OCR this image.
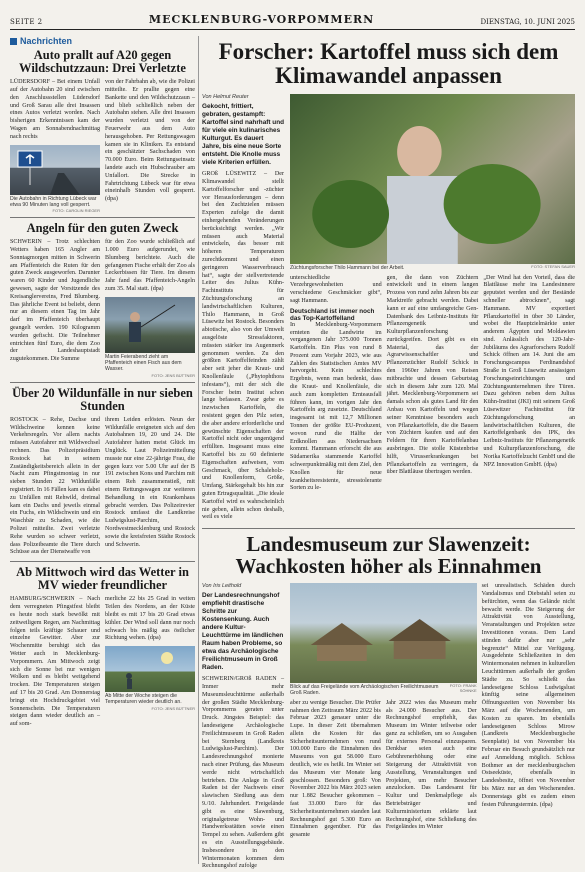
SEITE 2	MECKLENBURG-VORPOMMERN	DIENSTAG, 10. JUNI 2025
Nachrichten
Auto prallt auf A20 gegen Wildschutzzaun: Drei Verletzte

LÜDERSDORF – Bei einem Unfall auf der Autobahn 20 sind zwischen den Anschlussstellen Lüdersdorf und Groß Sarau alle drei Insassen eines Autos verletzt worden. Nach bisherigen Erkenntnissen kam der Wagen am Sonnabendnachmittag nach rechts

Die Autobahn in Richtung Lübeck war etwa 90 Minuten lang voll gesperrt.

FOTO: CAROLIN RIEGER

von der Fahrbahn ab, wie die Polizei mitteilte. Er prallte gegen eine Bankette und den Wildschutzzaun – und blieb schließlich neben der Autobahn stehen. Alle drei Insassen wurden verletzt und von der Feuerwehr aus dem Auto herausgehoben. Per Rettungswagen kamen sie in Kliniken. Es entstand ein geschätzter Sachschaden von 70.000 Euro. Beim Rettungseinsatz landete auch ein Hubschrauber am Unfallort. Die Strecke in Fahrtrichtung Lübeck war für etwa eineinhalb Stunden voll gesperrt. (dpa)

Angeln für den guten Zweck

SCHWERIN – Trotz schlechten Wetters haben 165 Angler am Sonntagmorgen mitten in Schwerin am Pfaffenteich die Ruten für den guten Zweck ausgeworfen. Darunter waren 60 Kinder und Jugendliche gewesen, sagte der Vorsitzende des Kreisanglervereins, Fred Blumberg. Das jährliche Event ist beliebt, denn nur an diesem einen Tag im Jahr darf im Pfaffenteich überhaupt geangelt werden. 190 Kilogramm wurden gefischt. Die Teilnehmer entrichten fünf Euro, die dem Zoo der Landeshauptstadt zugutekommen. Die Summe

für den Zoo wurde schließlich auf 1.000 Euro aufgerundet, wie Blumberg berichtete. Auch die gefangenen Fische erhält der Zoo als Leckerbissen für Tiere. Im diesem Jahr fand das Pfaffenteich-Angeln zum 35. Mal statt. (dpa)

Martin Feierabend zieht am Pfaffenteich einen Fisch aus dem Wasser.

FOTO: JENS BÜTTNER

Über 20 Wildunfälle in nur sieben Stunden

ROSTOCK – Rehe, Dachse und Wildschweine kennen keine Verkehrsregeln. Vor allem nachts müssen Autofahrer mit Wildwechsel rechnen. Das Polizeipräsidium Rostock hat in seinem Zuständigkeitsbereich allein in der Nacht zum Pfingstmontag in nur sieben Stunden 22 Wildunfälle registriert. In 16 Fällen kam es dabei zu Unfällen mit Rehwild, dreimal kam ein Dachs und jeweils einmal ein Fuchs, ein Wildschwein und ein Waschbär zu Schaden, wie die Polizei mitteilte. Zwei verletzte Rehe wurden so schwer verletzt, dass Polizeibeamte die Tiere durch Schüsse aus der Dienstwaffe von

ihrem Leiden erlösten. Neun der Wildunfälle ereigneten sich auf den Autobahnen 19, 20 und 24. Die Autofahrer hatten meist Glück im Unglück. Laut Polizeimitteilung musste nur eine 22-jährige Frau, die gegen kurz vor 5.00 Uhr auf der B 191 zwischen Kons und Parchim mit einem Reh zusammenstieß, mit einem Rettungswagen zur weiteren Behandlung in ein Krankenhaus gebracht werden. Das Polizeirevier Rostock umfasst die Landkreise Ludwigslust-Parchim, Nordwestmecklenburg und Rostock sowie die kreisfreien Städte Rostock und Schwerin.

Ab Mittwoch wird das Wetter in MV wieder freundlicher

HAMBURG/SCHWERIN – Nach dem verregneten Pfingstfest bleibt es heute noch stark bewölkt mit zeitweiligem Regen, am Nachmittag folgen teils kräftige Schauer und einzelne Gewitter. Aber zur Wochenmitte beruhigt sich das Wetter auch in Mecklenburg-Vorpommern. Am Mittwoch zeigt sich die Sonne bei nur wenigen Wolken und es bleibt weitgehend trocken. Die Temperaturen steigen auf 17 bis 20 Grad. Am Donnerstag bringt ein Hochdruckgebiet viel Sonnenschein. Die Temperaturen steigen dann wieder deutlich an – auf som-

merliche 22 bis 25 Grad in weiten Teilen des Nordens, an der Küste bleibt es mit 17 bis 20 Grad etwas kühler. Der Wind soll dann nur noch schwach bis mäßig aus östlicher Richtung wehen. (dpa)

Ab Mitte der Woche steigen die Temperaturen wieder deutlich an.

FOTO: JENS BÜTTNER

Forscher: Kartoffel muss sich dem Klimawandel anpassen

Von Helmut Reuter

Gekocht, frittiert, gebraten, gestampft: Kartoffel sind nahrhaft und für viele ein kulinarisches Kulturgut. Es dauert Jahre, bis eine neue Sorte entsteht. Die Knolle muss viele Kriterien erfüllen.

GROß LÜSEWITZ – Der Klimawandel stellt Kartoffelforscher und -züchter vor Herausforderungen – denn bei den Zuchtzielen müssen Experten zufolge die damit einhergehenden Veränderungen berücksichtigt werden. „Wir müssen auch Material entwickeln, das besser mit höheren Temperaturen zurechtkommt und einen geringeren Wasserverbrauch hat“, sagte der stellvertretende Leiter des Julius Kühn-Fachinstituts für Züchtungsforschung an landwirtschaftlichen Kulturen, Thilo Hammann, in Groß Lüsewitz bei Rostock. Besonders abiotische, also von der Umwelt ausgelöste Stressfaktoren, müssten stärker ins Augenmerk genommen werden. Zu den größten Kartoffelfeinden zählt aber seit jeher die Kraut- und Knollenfäule („Phytophthora infestans“), mit der sich die Forscher beim Institut schon lange befassen. Zwar gebe es inzwischen Kartoffeln, die resistent gegen den Pilz seien, die aber andere erforderliche und gewünschte Eigenschaften der Kartoffel nicht oder ungenügend erfüllten. Insgesamt muss eine Kartoffel bis zu 60 definierte Eigenschaften aufweisen, vom Geschmack, über Schaleholz- und Knollenform, Größe, Umfang, Stärkegehalt bis hin zur guten Ertragsqualität. „Die ideale Kartoffel wird es wahrscheinlich nie geben, allein schon deshalb, weil es viele

Züchtungsforscher Thilo Hammann bei der Arbeit.	FOTO: STEFAN SAUER

unterschiedliche Verzehrgewohnheiten und verschiedene Geschmäcker gibt“, sagt Hammann.

Deutschland ist immer noch das Top-Kartoffelland

In Mecklenburg-Vorpommern ernteten die Landwirte im vergangenen Jahr 375.000 Tonnen Kartoffeln. Ein Plus von rund 8 Prozent zum Vorjahr 2023, wie aus Zahlen des Statistischen Amtes MV hervorgeht. Kein schlechtes Ergebnis, wenn man bedenkt, dass die Kraut- und Knollenfäule, die auch zum kompletten Ernteausfall führen kann, im vorigen Jahr den Kartoffeln arg zusetzte. Deutschland insgesamt ist mit 12,7 Millionen Tonnen der größte EU-Produzent, wovon rund die Hälfte der Erdknollen aus Niedersachsen kommt. Hammann erforscht die aus Südamerika stammende Kartoffel schwerpunktmäßig mit dem Ziel, den Knollen für neue krankheitsresistente, stresstolerante Sorten zu le-

gen, die dann von Züchtern entwickelt und in einem langen Prozess von rund zehn Jahren bis zur Marktreife gebracht werden. Dabei kann er auf eine umfangreiche Gen-Datenbank des Leibniz-Instituts für Pflanzengenetik und Kulturpflanzenforschung zurückgreifen. Dort gibt es ein Material, das der Agrarwissenschaftler und Pflanzenzüchter Rudolf Schick in den 1960er Jahren von Reisen mitbrachte und dessen Geburtstag sich in diesem Jahr zum 120. Mal jährt. Mecklenburg-Vorpommern sei damals schon als gutes Land für den Anbau von Kartoffeln und wegen seiner Kenntnisse besonders auch von Pflanzkartoffeln, die die Bauern von Züchtern kaufen und auf den Feldern für ihren Kartoffelanbau ausbringen. Die stolle Küstenbrise hilft, Virusserkrankungen bei Pflanzkartoffeln zu verringern, da über Blattläuse übertragen werden.

„Der Wind hat den Vorteil, dass die Blattläuse mehr ins Landesinnere geputstet werden und der Bestände schneller abtrocknen“, sagt Hammann. MV exportiert Pflanzkartoffel in über 30 Länder, wobei die Hauptzielmärkte unter anderem Ägypten und Moldawien sind. Anlässlich des 120-Jahr-Jubiläums des Agrarforschers Rudolf Schick öffnen am 14. Juni die am Forschungscampus Ferdinandshof Straße in Groß Lüsewitz ansässigen Forschungseinrichtungen und Züchtungsunternehmen ihre Türen. Dazu gehören neben dem Julius Kühn-Institut (JKI) mit seinem Groß Lüsewitzer Fachinstitut für Züchtungsforschung an landwirtschaftlichen Kulturen, die Kartoffelgenbank des IPK, des Leibniz-Instituts für Pflanzengenetik und Kulturpflanzenforschung, die Norika Kartoffelzucht GmbH und die NPZ Innovation GmbH. (dpa)

Landesmuseum zur Slawenzeit: Wachkosten höher als Einnahmen

Von Iris Leithold

Der Landesrechnungshof empfiehlt drastische Schritte zur Kostensenkung. Auch andere Kultur-Leuchttürme im ländlichen Raum haben Probleme, so etwa das Archäologische Freilichtmuseum in Groß Raden.

SCHWERIN/GROß RADEN – Immer mehr Museumsleuchttürme außerhalb der großen Städte Mecklenburg-Vorpommerns geraten unter Druck. Jüngstes Beispiel: das landeseigene Archäologische Freilichtmuseum in Groß Raden bei Sternberg (Landkreis Ludwigslust-Parchim). Der Landesrechnungshof monierte nach einer Prüfung, das Museum werde nicht wirtschaftlich betrieben. Die Anlage in Groß Raden ist der Nachweis einer slawischen Siedlung aus dem 9./10. Jahrhundert. Freigelände gibt es eine Slawenburg, originalgetreue Wohn- und Handwerksstätten sowie einen Tempel zu sehen. Außerdem gibt es ein Ausstellungsgebäude. Insbesondere in den Wintermonaten kommen dem Rechnungshof zufolge

Blick auf das Freigelände vom Archäologischen Freilichtmuseum Groß Raden.

FOTO: FRANK SÖHNKE

aber zu wenige Besucher. Die Prüfer nahmen den Zeitraum März 2022 bis Februar 2023 genauer unter die Lupe. In dieser Zeit übernahmen allein die Kosten für das Sicherheitsunternehmen von rund 100.000 Euro die Einnahmen des Museums von gut 58.000 Euro deutlich, wie es heißt. Im Winter sei das Museum vier Monate lang geschlossen. Besonders groß: Von November 2022 bis März 2023 seien nur 1.882 Besucher gekommen – fast 33.000 Euro für das Sicherheitsunternehmen standen laut Rechnungshof gut 5.300 Euro an Einnahmen gegenüber. Für das gesamte

Jahr 2022 wies das Museum mehr als 24.000 Besucher aus. Der Rechnungshof empfiehlt, das Museum im Winter teilweise oder ganz zu schließen, um so Ausgaben für externes Personal einzusparen. Denkbar seien auch eine Gebührenerhöhung oder eine Steigerung der Attraktivität von Ausstellung, Veranstaltungen und Projekten, um mehr Besucher anzulocken. Das Landesamt für Kultur und Denkmalpflege als Betriebsträger und Kulturministerium erklärte laut Rechnungshof, eine Schließung des Freigeländes im Winter

sei unrealistisch. Schäden durch Vandalismus und Diebstahl seien zu befürchten, wenn das Gelände nicht bewacht werde. Die Steigerung der Attraktivität von Ausstellung, Veranstaltungen und Projekten setze Investitionen voraus. Dem Land stünden dafür aber nur „sehr begrenzte“ Mittel zur Verfügung. Ausgedehnte Schließzeiten in den Wintermonaten nehmen in kulturellen Leuchttürmen außerhalb der großen Städte zu. So schließt das landeseigene Schloss Ludwigslust künftig seine allgemeinen Öffnungszeiten von November bis März auf die Wochenenden, um Kosten zu sparen. Im ebenfalls landeseigenen Schloss Mirow (Landkreis Mecklenburgische Seenplatte) ist von November bis Februar ein Besuch grundsätzlich nur auf Anmeldung möglich. Schloss Bothmer an der mecklenburgischen Ostseeküste, ebenfalls in Landesbesitz, öffnet von November bis März nur an den Wochenenden. Donnerstags gibt es zudem einen festen Führungstermin. (dpa)
